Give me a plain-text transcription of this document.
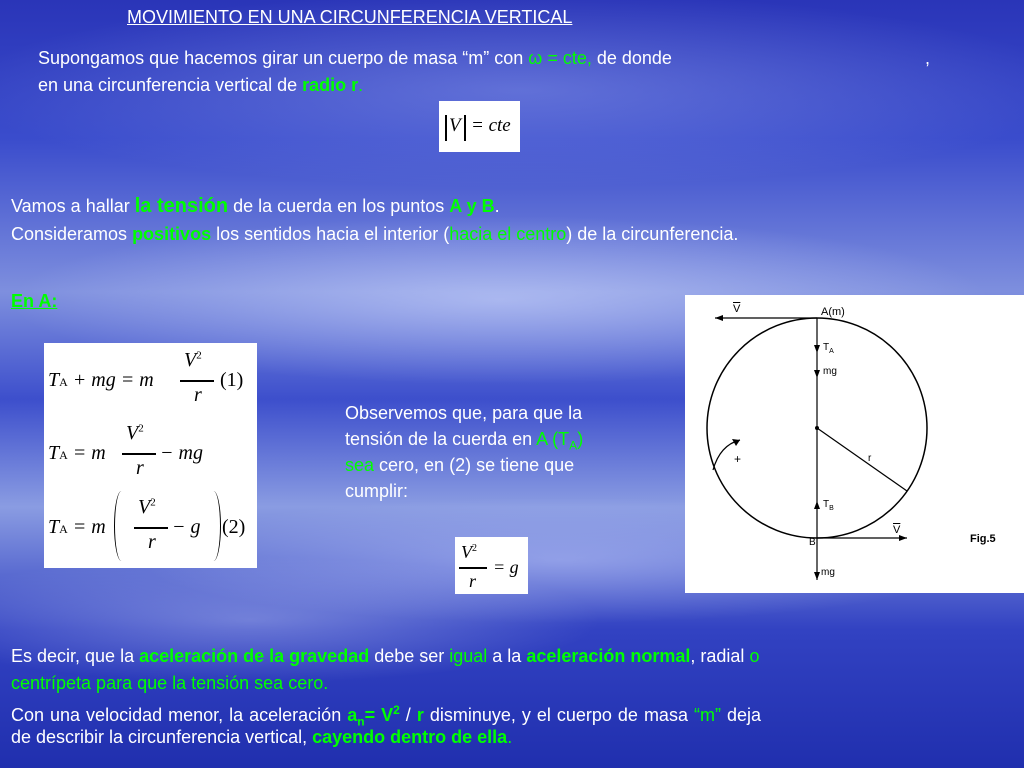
MOVIMIENTO EN UNA CIRCUNFERENCIA VERTICAL
Supongamos que hacemos girar un cuerpo de masa “m” con ω = cte, de donde	,
en una circunferencia vertical de radio r.
V = cte
Vamos a hallar la tensión de la cuerda en los puntos A y B.
Consideramos positivos los sentidos hacia el interior (hacia el centro) de la circunferencia.
En A:
TA + mg = m
$V^2$
r
(1)
TA = m
$V^2$
r
− mg
TA = m
$V^2$
r
− g (2)
Observemos que, para que la
tensión de la cuerda en A $(T_A)$
sea cero, en (2) se tiene que
cumplir:
$V^2$
r
= g
$\overline{V}$	A(m)
$T_A$
mg
+	r
$T_B$
$\overline{V}$
B
mg
Fig.5
Es decir, que la aceleración de la gravedad debe ser igual a la aceleración normal, radial o
centrípeta para que la tensión sea cero.
Con una velocidad menor, la aceleración $a_n= V^2 / r$ disminuye, y el cuerpo de masa “m” deja
de describir la circunferencia vertical, cayendo dentro de ella.
